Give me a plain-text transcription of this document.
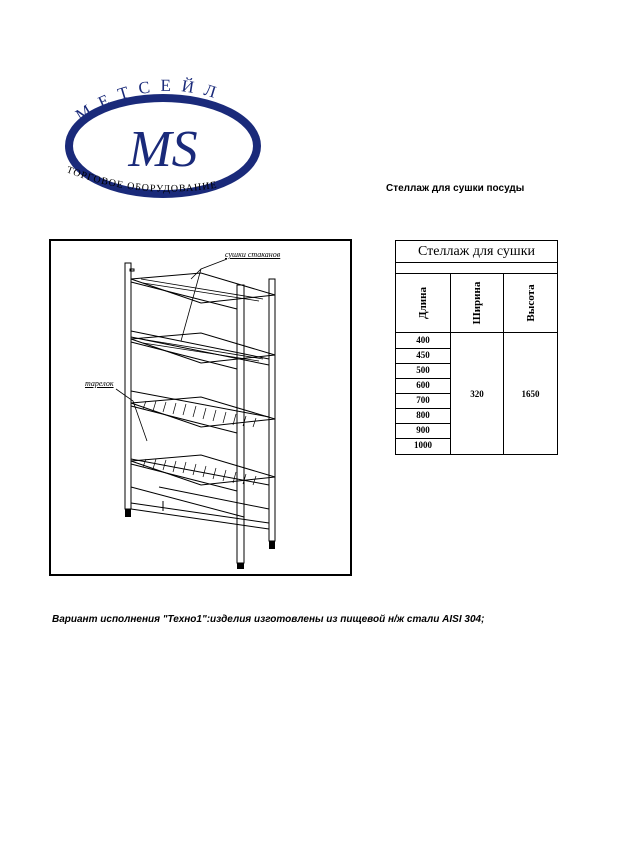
МЕТСЕЙЛ
MS
ТОРГОВОЕ ОБОРУДОВАНИЕ	Стеллаж для сушки посуды
сушки стаканов
тарелок
Стеллаж для сушки
Длина	Ширина	Высота
400
450
500
600
700
800
900
1000
320	1650
Вариант исполнения "Техно1":изделия изготовлены из пищевой н/ж стали AISI 304;
